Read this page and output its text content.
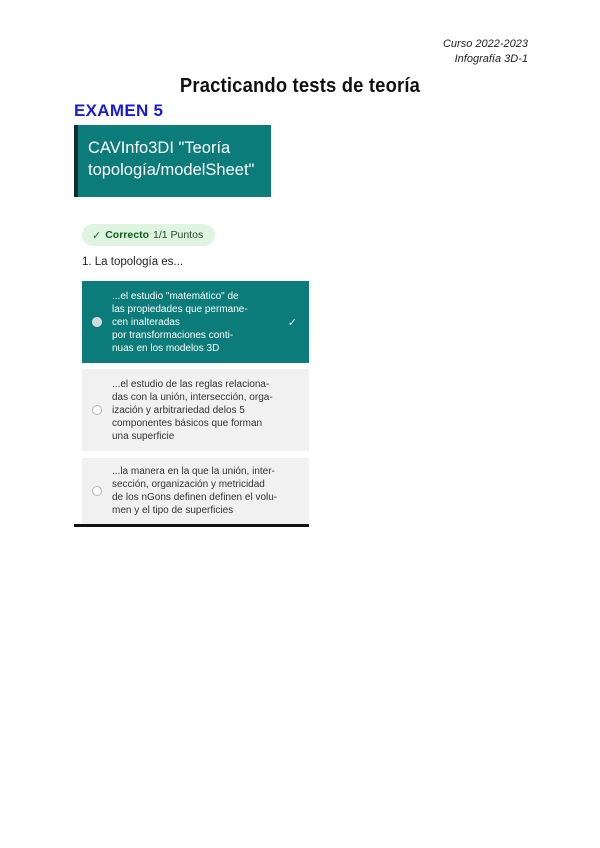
Curso 2022-2023
Infografía 3D-1
Practicando tests de teoría
EXAMEN 5
CAVInfo3DI "Teoría
topología/modelSheet"
✓ Correcto 1/1 Puntos
1. La topología es...
...el estudio "matemático" de
las propiedades que permane-
cen inalteradas
por transformaciones conti-
nuas en los modelos 3D
✓
...el estudio de las reglas relaciona-
das con la unión, intersección, orga-
ización y arbitrariedad delos 5
componentes básicos que forman
una superficie
...la manera en la que la unión, inter-
sección, organización y metricidad
de los nGons definen definen el volu-
men y el tipo de superficies
